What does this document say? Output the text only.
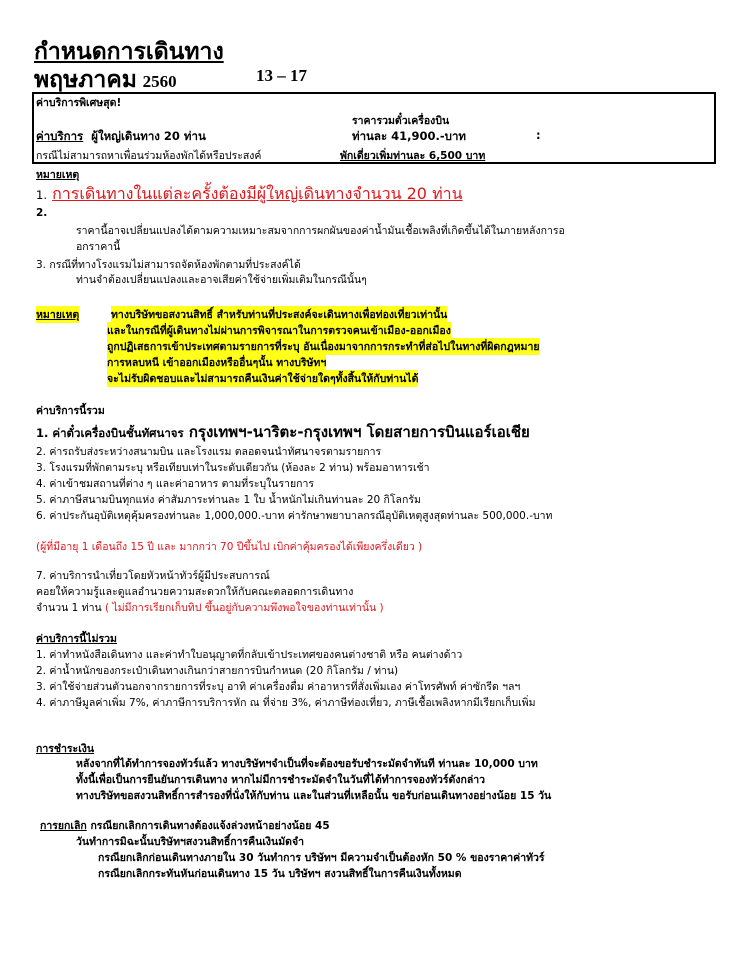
กำหนดการเดินทาง
พฤษภาคม 2560	13 – 17
ค่าบริการพิเศษสุด!
ราคารวมตั๋วเครื่องบิน
ค่าบริการ ผู้ใหญ่เดินทาง 20 ท่าน	ท่านละ 41,900.-บาท	:
กรณีไม่สามารถหาเพื่อนร่วมห้องพักได้หรือประสงค์	พักเดี่ยวเพิ่มท่านละ 6,500 บาท
หมายเหตุ
1. การเดินทางในแต่ละครั้งต้องมีผู้ใหญ่เดินทางจำนวน 20 ท่าน
2.
ราคานี้อาจเปลี่ยนแปลงได้ตามความเหมาะสมจากการผกผันของค่าน้ำมันเชื้อเพลิงที่เกิดขึ้นได้ในภายหลังการอ
อกราคานี้
3. กรณีที่ทางโรงแรมไม่สามารถจัดห้องพักตามที่ประสงค์ได้
ท่านจำต้องเปลี่ยนแปลงและอาจเสียค่าใช้จ่ายเพิ่มเติมในกรณีนั้นๆ
หมายเหตุ	ทางบริษัทขอสงวนสิทธิ์ สำหรับท่านที่ประสงค์จะเดินทางเพื่อท่องเที่ยวเท่านั้น
และในกรณีที่ผู้เดินทางไม่ผ่านการพิจารณาในการตรวจคนเข้าเมือง-ออกเมือง
ถูกปฏิเสธการเข้าประเทศตามรายการที่ระบุ อันเนื่องมาจากการกระทำที่ส่อไปในทางที่ผิดกฎหมาย
การหลบหนี เข้าออกเมืองหรืออื่นๆนั้น ทางบริษัทฯ
จะไม่รับผิดชอบและไม่สามารถคืนเงินค่าใช้จ่ายใดๆทั้งสิ้นให้กับท่านได้
ค่าบริการนี้รวม
1. ค่าตั๋วเครื่องบินชั้นทัศนาจร กรุงเทพฯ-นาริตะ-กรุงเทพฯ โดยสายการบินแอร์เอเชีย
2. ค่ารถรับส่งระหว่างสนามบิน และโรงแรม ตลอดจนนำทัศนาจรตามรายการ
3. โรงแรมที่พักตามระบุ หรือเทียบเท่าในระดับเดียวกัน (ห้องละ 2 ท่าน) พร้อมอาหารเช้า
4. ค่าเข้าชมสถานที่ต่าง ๆ และค่าอาหาร ตามที่ระบุในรายการ
5. ค่าภาษีสนามบินทุกแห่ง ค่าสัมภาระท่านละ 1 ใบ น้ำหนักไม่เกินท่านละ 20 กิโลกรัม
6. ค่าประกันอุบัติเหตุคุ้มครองท่านละ 1,000,000.-บาท ค่ารักษาพยาบาลกรณีอุบัติเหตุสูงสุดท่านละ 500,000.-บาท
(ผู้ที่มีอายุ 1 เดือนถึง 15 ปี และ มากกว่า 70 ปีขึ้นไป เบิกค่าคุ้มครองได้เพียงครึ่งเดียว )
7. ค่าบริการนำเที่ยวโดยหัวหน้าทัวร์ผู้มีประสบการณ์
คอยให้ความรู้และดูแลอำนวยความสะดวกให้กับคณะตลอดการเดินทาง
จำนวน 1 ท่าน ( ไม่มีการเรียกเก็บทิป ขึ้นอยู่กับความพึงพอใจของท่านเท่านั้น )
ค่าบริการนี้ไม่รวม
1. ค่าทำหนังสือเดินทาง และค่าทำใบอนุญาตที่กลับเข้าประเทศของคนต่างชาติ หรือ คนต่างด้าว
2. ค่าน้ำหนักของกระเป๋าเดินทางเกินกว่าสายการบินกำหนด (20 กิโลกรัม / ท่าน)
3. ค่าใช้จ่ายส่วนตัวนอกจากรายการที่ระบุ อาทิ ค่าเครื่องดื่ม ค่าอาหารที่สั่งเพิ่มเอง ค่าโทรศัพท์ ค่าซักรีด ฯลฯ
4. ค่าภาษีมูลค่าเพิ่ม 7%, ค่าภาษีการบริการหัก ณ ที่จ่าย 3%, ค่าภาษีท่องเที่ยว, ภาษีเชื้อเพลิงหากมีเรียกเก็บเพิ่ม
การชำระเงิน
หลังจากที่ได้ทำการจองทัวร์แล้ว ทางบริษัทฯจำเป็นที่จะต้องขอรับชำระมัดจำทันที ท่านละ 10,000 บาท
ทั้งนี้เพื่อเป็นการยืนยันการเดินทาง หากไม่มีการชำระมัดจำในวันที่ได้ทำการจองทัวร์ดังกล่าว
ทางบริษัทขอสงวนสิทธิ์การสำรองที่นั่งให้กับท่าน และในส่วนที่เหลือนั้น ขอรับก่อนเดินทางอย่างน้อย 15 วัน
การยกเลิก กรณียกเลิกการเดินทางต้องแจ้งล่วงหน้าอย่างน้อย 45
วันทำการมิฉะนั้นบริษัทฯสงวนสิทธิ์การคืนเงินมัดจำ
กรณียกเลิกก่อนเดินทางภายใน 30 วันทำการ บริษัทฯ มีความจำเป็นต้องหัก 50 % ของราคาค่าทัวร์
กรณียกเลิกกระทันหันก่อนเดินทาง 15 วัน บริษัทฯ สงวนสิทธิ์ในการคืนเงินทั้งหมด
